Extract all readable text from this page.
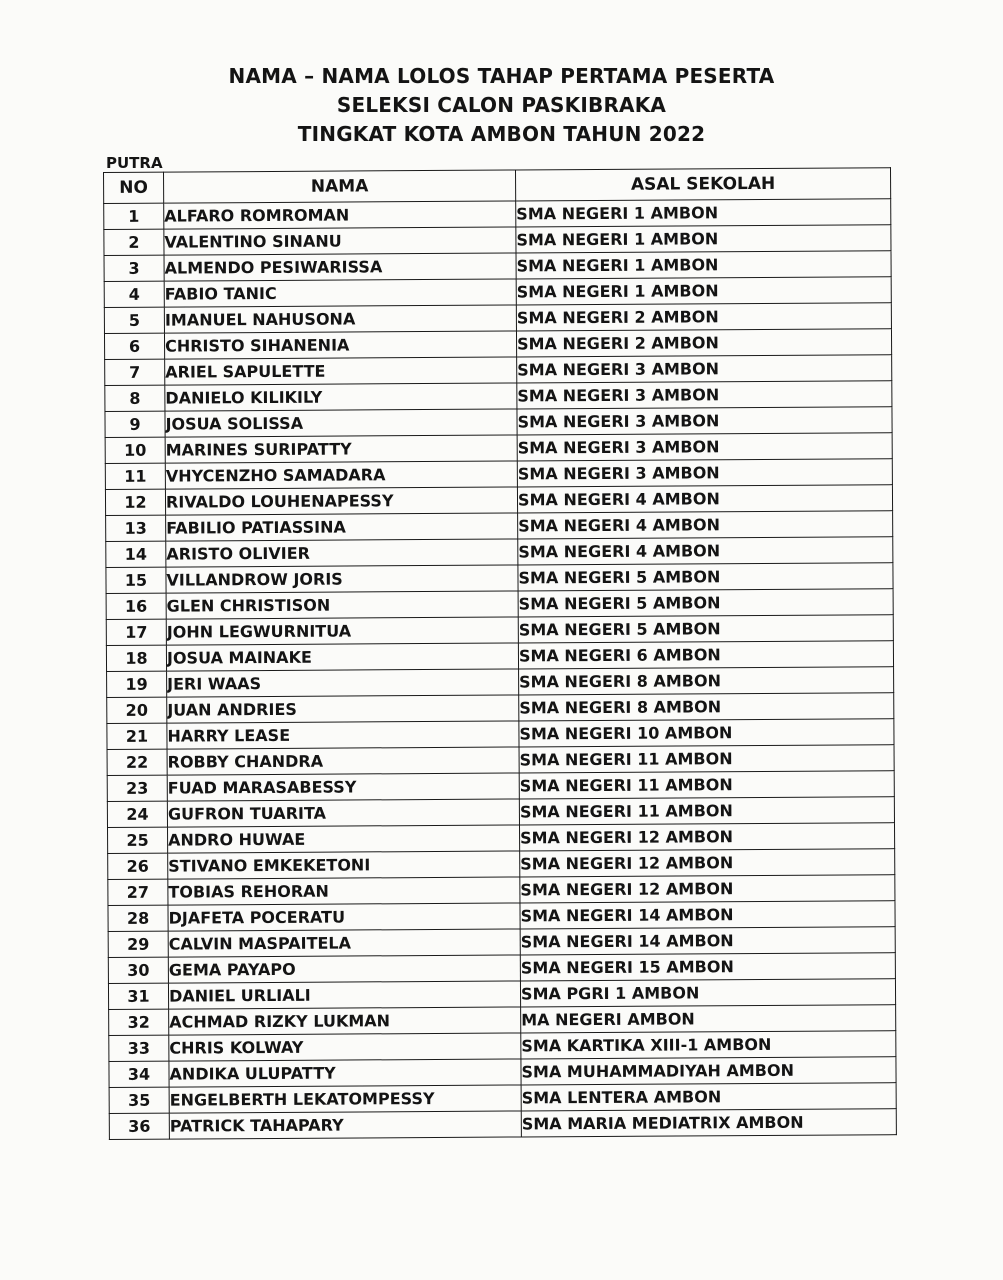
NAMA – NAMA LOLOS TAHAP PERTAMA PESERTA
SELEKSI CALON PASKIBRAKA
TINGKAT KOTA AMBON TAHUN 2022
PUTRA
NO	NAMA	ASAL SEKOLAH
1	ALFARO ROMROMAN	SMA NEGERI 1 AMBON
2	VALENTINO SINANU	SMA NEGERI 1 AMBON
3	ALMENDO PESIWARISSA	SMA NEGERI 1 AMBON
4	FABIO TANIC	SMA NEGERI 1 AMBON
5	IMANUEL NAHUSONA	SMA NEGERI 2 AMBON
6	CHRISTO SIHANENIA	SMA NEGERI 2 AMBON
7	ARIEL SAPULETTE	SMA NEGERI 3 AMBON
8	DANIELO KILIKILY	SMA NEGERI 3 AMBON
9	JOSUA SOLISSA	SMA NEGERI 3 AMBON
10	MARINES SURIPATTY	SMA NEGERI 3 AMBON
11	VHYCENZHO SAMADARA	SMA NEGERI 3 AMBON
12	RIVALDO LOUHENAPESSY	SMA NEGERI 4 AMBON
13	FABILIO PATIASSINA	SMA NEGERI 4 AMBON
14	ARISTO OLIVIER	SMA NEGERI 4 AMBON
15	VILLANDROW JORIS	SMA NEGERI 5 AMBON
16	GLEN CHRISTISON	SMA NEGERI 5 AMBON
17	JOHN LEGWURNITUA	SMA NEGERI 5 AMBON
18	JOSUA MAINAKE	SMA NEGERI 6 AMBON
19	JERI WAAS	SMA NEGERI 8 AMBON
20	JUAN ANDRIES	SMA NEGERI 8 AMBON
21	HARRY LEASE	SMA NEGERI 10 AMBON
22	ROBBY CHANDRA	SMA NEGERI 11 AMBON
23	FUAD MARASABESSY	SMA NEGERI 11 AMBON
24	GUFRON TUARITA	SMA NEGERI 11 AMBON
25	ANDRO HUWAE	SMA NEGERI 12 AMBON
26	STIVANO EMKEKETONI	SMA NEGERI 12 AMBON
27	TOBIAS REHORAN	SMA NEGERI 12 AMBON
28	DJAFETA POCERATU	SMA NEGERI 14 AMBON
29	CALVIN MASPAITELA	SMA NEGERI 14 AMBON
30	GEMA PAYAPO	SMA NEGERI 15 AMBON
31	DANIEL URLIALI	SMA PGRI 1 AMBON
32	ACHMAD RIZKY LUKMAN	MA NEGERI AMBON
33	CHRIS KOLWAY	SMA KARTIKA XIII-1 AMBON
34	ANDIKA ULUPATTY	SMA MUHAMMADIYAH AMBON
35	ENGELBERTH LEKATOMPESSY	SMA LENTERA AMBON
36	PATRICK TAHAPARY	SMA MARIA MEDIATRIX AMBON
